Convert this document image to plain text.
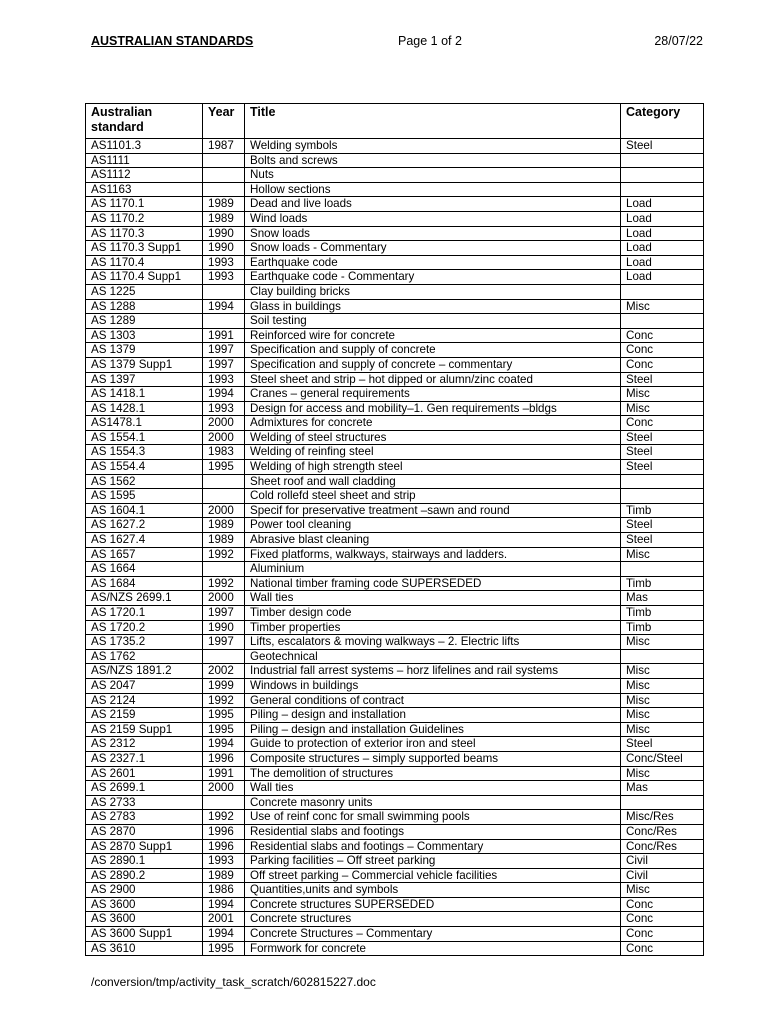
AUSTRALIAN STANDARDS	Page 1 of 2	28/07/22
Australian standard	Year	Title	Category
AS1101.3	1987	Welding symbols	Steel
AS1111		Bolts and screws	
AS1112		Nuts	
AS1163		Hollow sections	
AS 1170.1	1989	Dead and live loads	Load
AS 1170.2	1989	Wind loads	Load
AS 1170.3	1990	Snow loads	Load
AS 1170.3 Supp1	1990	Snow loads - Commentary	Load
AS 1170.4	1993	Earthquake code	Load
AS 1170.4 Supp1	1993	Earthquake code - Commentary	Load
AS 1225		Clay building bricks	
AS 1288	1994	Glass in buildings	Misc
AS 1289		Soil testing	
AS 1303	1991	Reinforced wire for concrete	Conc
AS 1379	1997	Specification and supply of concrete	Conc
AS 1379 Supp1	1997	Specification and supply of concrete – commentary	Conc
AS 1397	1993	Steel sheet and strip – hot dipped or alumn/zinc coated	Steel
AS 1418.1	1994	Cranes – general requirements	Misc
AS 1428.1	1993	Design for access and mobility–1. Gen requirements –bldgs	Misc
AS1478.1	2000	Admixtures for concrete	Conc
AS 1554.1	2000	Welding of steel structures	Steel
AS 1554.3	1983	Welding of reinfing steel	Steel
AS 1554.4	1995	Welding of high strength steel	Steel
AS 1562		Sheet roof and wall cladding	
AS 1595		Cold rollefd steel sheet and strip	
AS 1604.1	2000	Specif for preservative treatment –sawn and round	Timb
AS 1627.2	1989	Power tool cleaning	Steel
AS 1627.4	1989	Abrasive blast cleaning	Steel
AS 1657	1992	Fixed platforms, walkways, stairways and ladders.	Misc
AS 1664		Aluminium	
AS 1684	1992	National timber framing code SUPERSEDED	Timb
AS/NZS 2699.1	2000	Wall ties	Mas
AS 1720.1	1997	Timber design code	Timb
AS 1720.2	1990	Timber properties	Timb
AS 1735.2	1997	Lifts, escalators & moving walkways – 2. Electric lifts	Misc
AS 1762		Geotechnical	
AS/NZS 1891.2	2002	Industrial fall arrest systems – horz lifelines and rail systems	Misc
AS 2047	1999	Windows in buildings	Misc
AS 2124	1992	General conditions of contract	Misc
AS 2159	1995	Piling – design and installation	Misc
AS 2159 Supp1	1995	Piling – design and installation Guidelines	Misc
AS 2312	1994	Guide to protection of exterior iron and steel	Steel
AS 2327.1	1996	Composite structures – simply supported beams	Conc/Steel
AS 2601	1991	The demolition of structures	Misc
AS 2699.1	2000	Wall ties	Mas
AS 2733		Concrete masonry units	
AS 2783	1992	Use of reinf conc for small swimming pools	Misc/Res
AS 2870	1996	Residential slabs and footings	Conc/Res
AS 2870 Supp1	1996	Residential slabs and footings – Commentary	Conc/Res
AS 2890.1	1993	Parking facilities – Off street parking	Civil
AS 2890.2	1989	Off street parking – Commercial vehicle facilities	Civil
AS 2900	1986	Quantities,units and symbols	Misc
AS 3600	1994	Concrete structures SUPERSEDED	Conc
AS 3600	2001	Concrete structures	Conc
AS 3600 Supp1	1994	Concrete Structures – Commentary	Conc
AS 3610	1995	Formwork for concrete	Conc
/conversion/tmp/activity_task_scratch/602815227.doc
